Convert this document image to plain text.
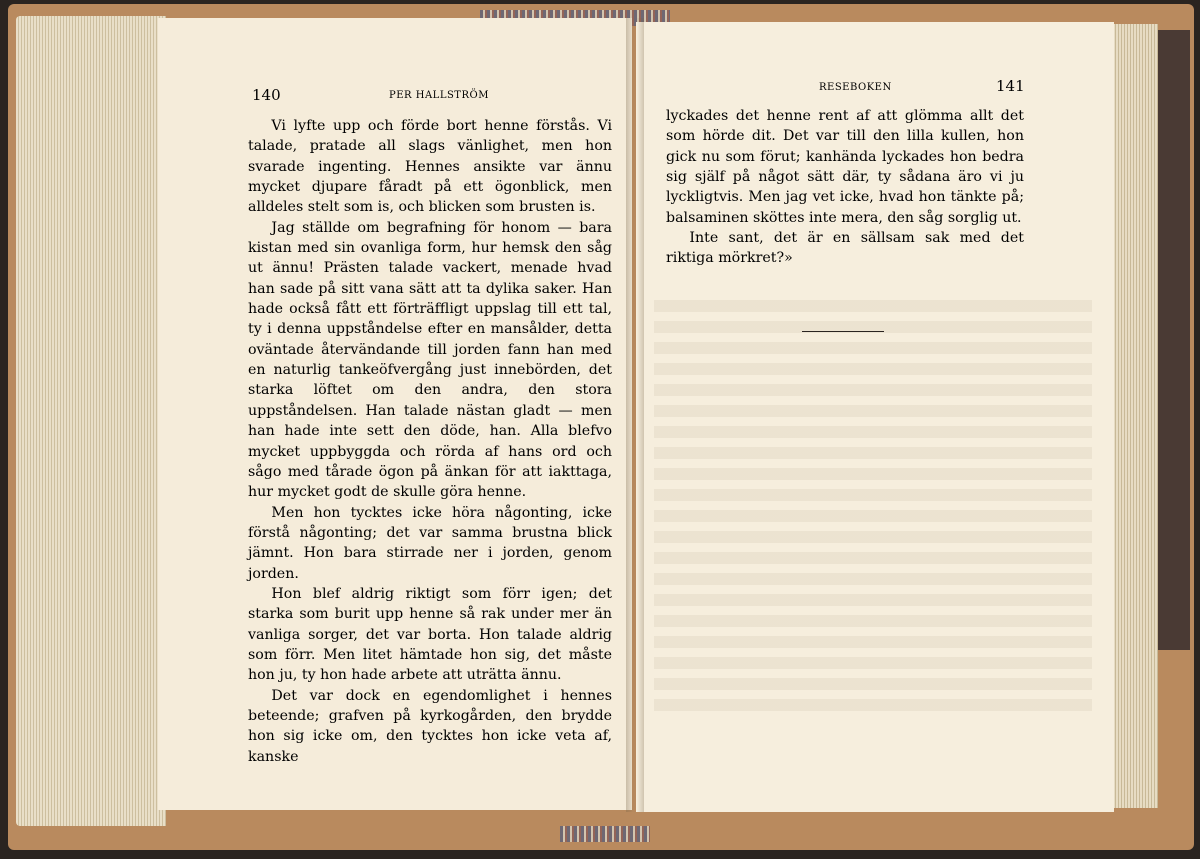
140	PER HALLSTRÖM

Vi lyfte upp och förde bort henne förstås. Vi talade, pratade all slags vänlighet, men hon svarade ingenting. Hennes ansikte var ännu mycket djupare fåradt på ett ögonblick, men alldeles stelt som is, och blicken som brusten is.

Jag ställde om begrafning för honom — bara kistan med sin ovanliga form, hur hemsk den såg ut ännu! Prästen talade vackert, menade hvad han sade på sitt vana sätt att ta dylika saker. Han hade också fått ett förträffligt uppslag till ett tal, ty i denna uppståndelse efter en mansålder, detta oväntade återvändande till jorden fann han med en naturlig tankeöfvergång just innebörden, det starka löftet om den andra, den stora uppståndelsen. Han talade nästan gladt — men han hade inte sett den döde, han. Alla blefvo mycket uppbyggda och rörda af hans ord och sågo med tårade ögon på änkan för att iakttaga, hur mycket godt de skulle göra henne.

Men hon tycktes icke höra någonting, icke förstå någonting; det var samma brustna blick jämnt. Hon bara stirrade ner i jorden, genom jorden.

Hon blef aldrig riktigt som förr igen; det starka som burit upp henne så rak under mer än vanliga sorger, det var borta. Hon talade aldrig som förr. Men litet hämtade hon sig, det måste hon ju, ty hon hade arbete att uträtta ännu.

Det var dock en egendomlighet i hennes beteende; grafven på kyrkogården, den brydde hon sig icke om, den tycktes hon icke veta af, kanske

RESEBOKEN	141

lyckades det henne rent af att glömma allt det som hörde dit. Det var till den lilla kullen, hon gick nu som förut; kanhända lyckades hon bedra sig själf på något sätt där, ty sådana äro vi ju lyckligtvis. Men jag vet icke, hvad hon tänkte på; balsaminen sköttes inte mera, den såg sorglig ut.

Inte sant, det är en sällsam sak med det riktiga mörkret?»
